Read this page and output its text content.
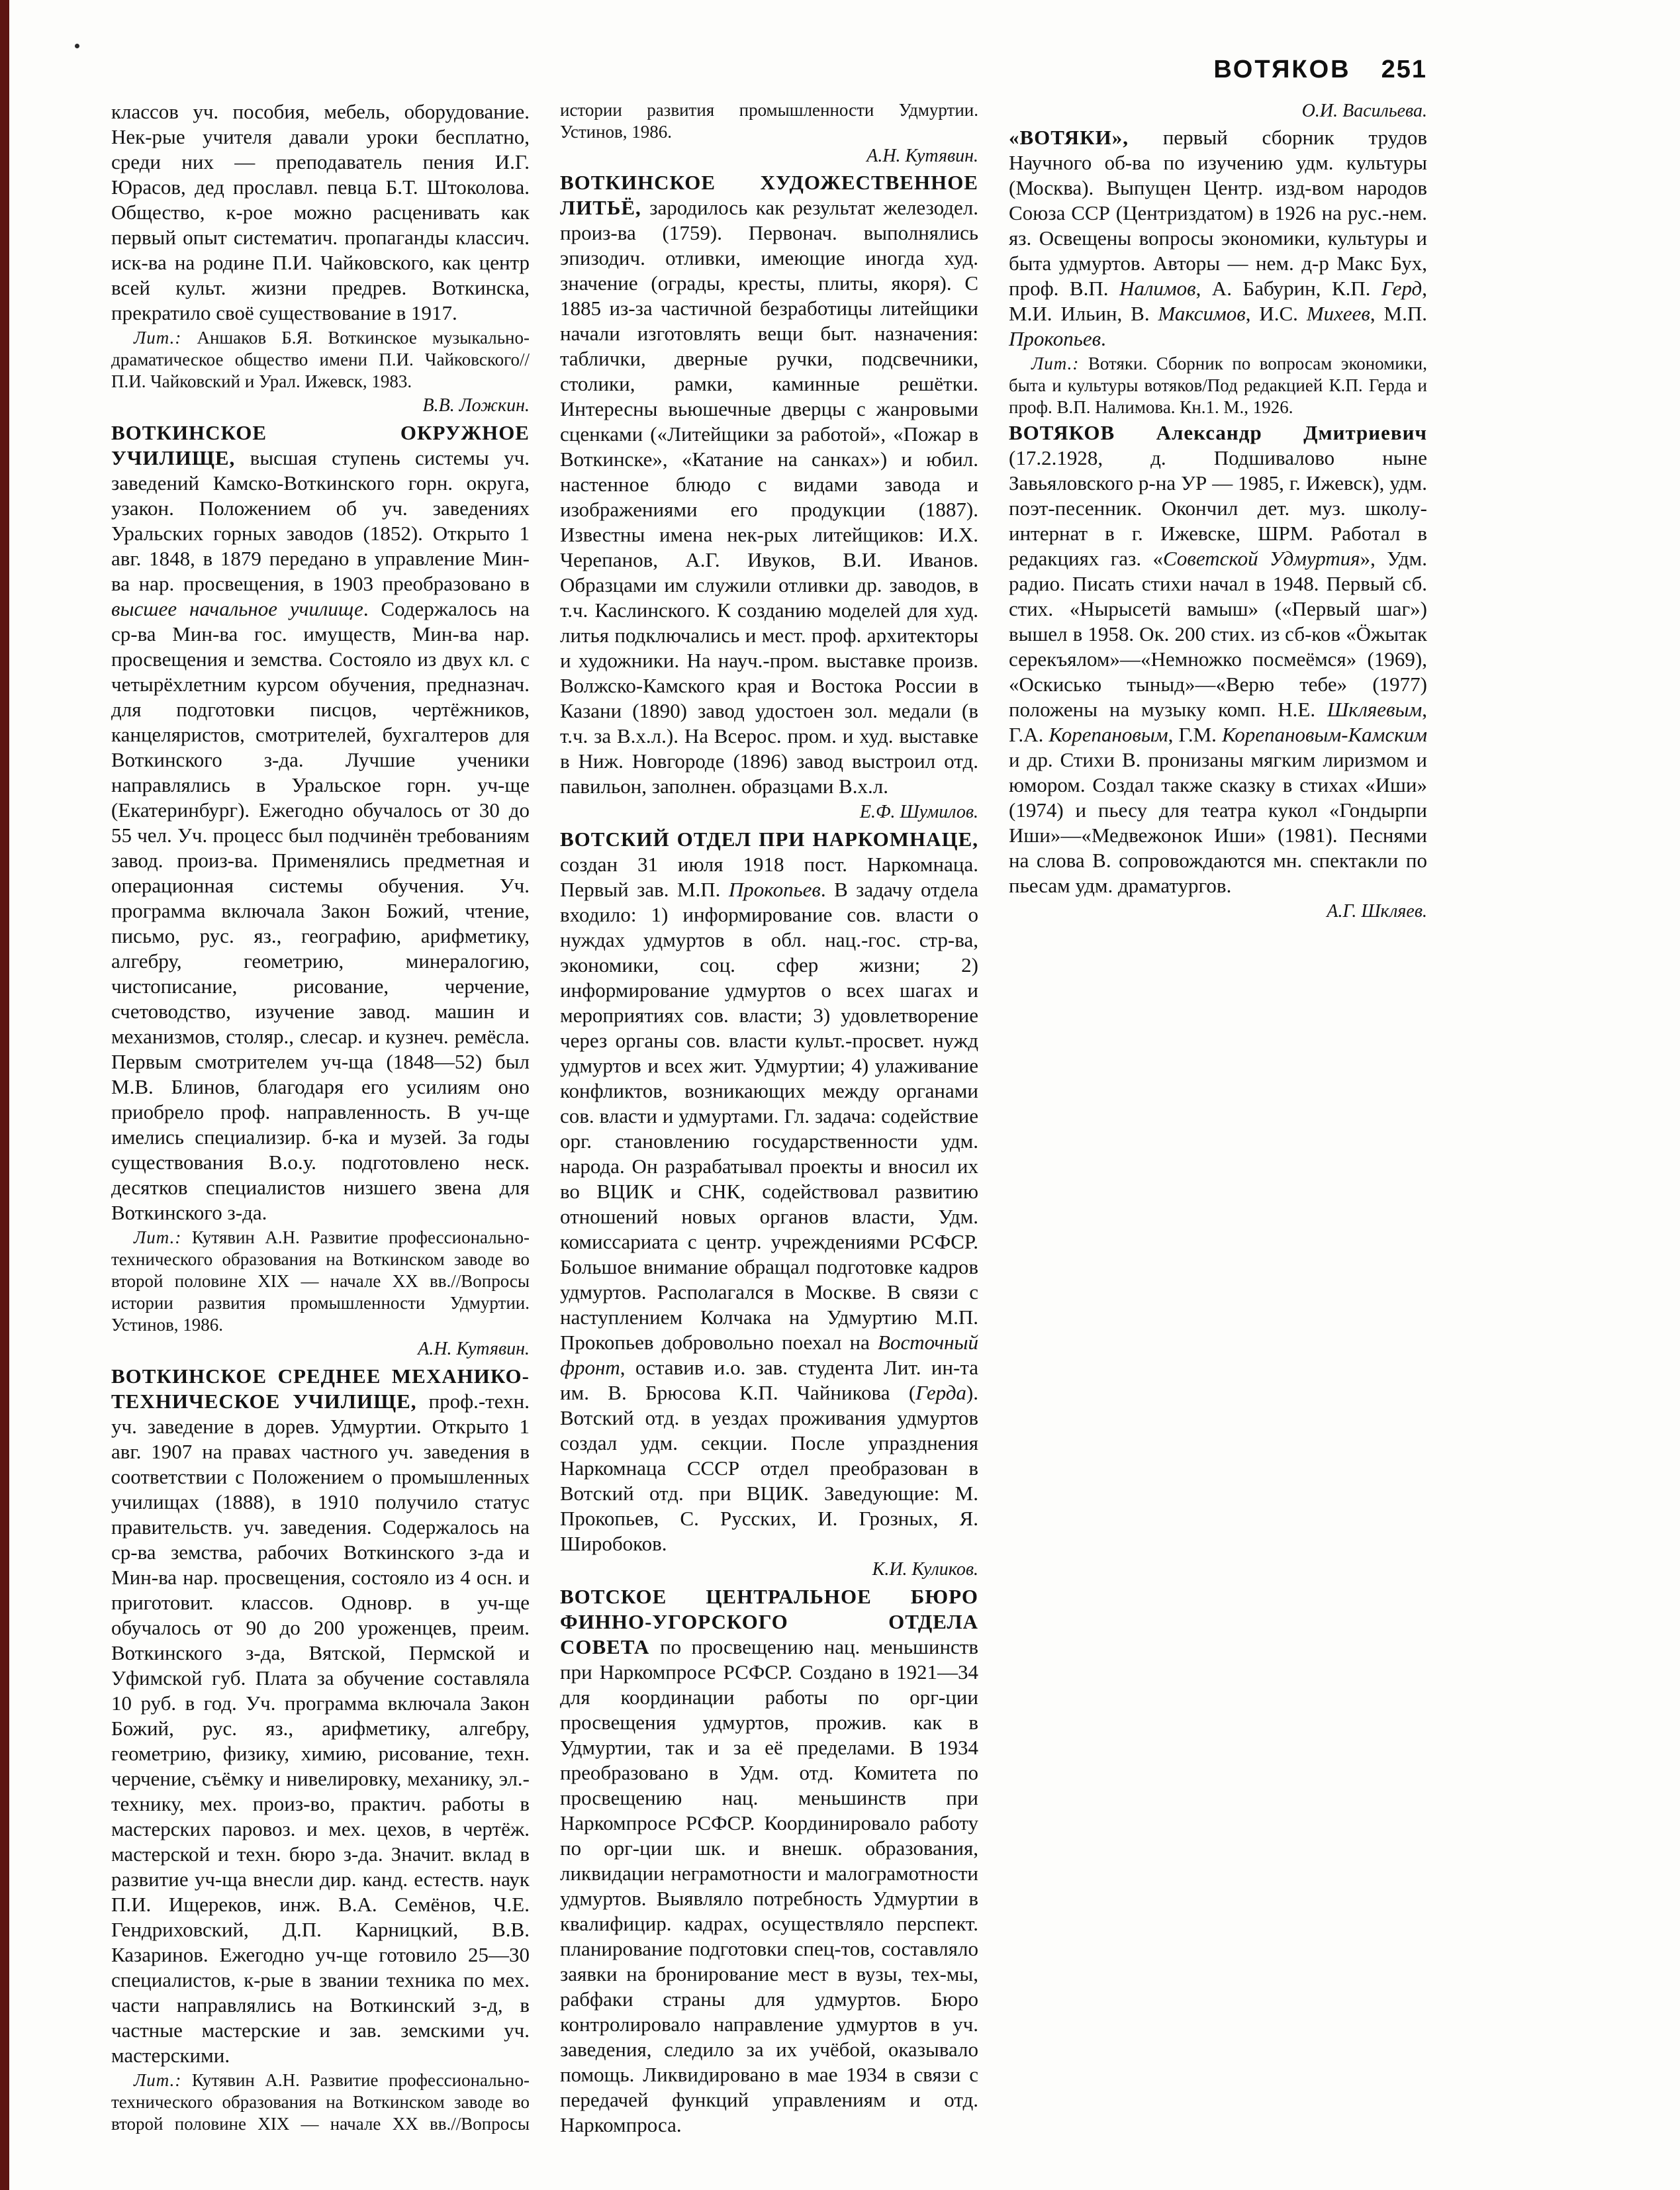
ВОТЯКОВ 251

классов уч. пособия, мебель, оборудование. Нек-рые учителя давали уроки бесплатно, среди них — преподаватель пения И.Г. Юрасов, дед прославл. певца Б.Т. Штоколова. Общество, к-рое можно расценивать как первый опыт систематич. пропаганды классич. иск-ва на родине П.И. Чайковского, как центр всей культ. жизни предрев. Воткинска, прекратило своё существование в 1917.

Лит.: Аншаков Б.Я. Воткинское музыкально-драматическое общество имени П.И. Чайковского// П.И. Чайковский и Урал. Ижевск, 1983.

В.В. Ложкин.

ВОТКИНСКОЕ ОКРУЖНОЕ УЧИЛИЩЕ, высшая ступень системы уч. заведений Камско-Воткинского горн. округа, узакон. Положением об уч. заведениях Уральских горных заводов (1852). Открыто 1 авг. 1848, в 1879 передано в управление Мин-ва нар. просвещения, в 1903 преобразовано в высшее начальное училище. Содержалось на ср-ва Мин-ва гос. имуществ, Мин-ва нар. просвещения и земства. Состояло из двух кл. с четырёхлетним курсом обучения, предназнач. для подготовки писцов, чертёжников, канцеляристов, смотрителей, бухгалтеров для Воткинского з-да. Лучшие ученики направлялись в Уральское горн. уч-ще (Екатеринбург). Ежегодно обучалось от 30 до 55 чел. Уч. процесс был подчинён требованиям завод. произ-ва. Применялись предметная и операционная системы обучения. Уч. программа включала Закон Божий, чтение, письмо, рус. яз., географию, арифметику, алгебру, геометрию, минералогию, чистописание, рисование, черчение, счетоводство, изучение завод. машин и механизмов, столяр., слесар. и кузнеч. ремёсла. Первым смотрителем уч-ща (1848—52) был М.В. Блинов, благодаря его усилиям оно приобрело проф. направленность. В уч-ще имелись специализир. б-ка и музей. За годы существования В.о.у. подготовлено неск. десятков специалистов низшего звена для Воткинского з-да.

Лит.: Кутявин А.Н. Развитие профессионально-технического образования на Воткинском заводе во второй половине XIX — начале XX вв.//Вопросы истории развития промышленности Удмуртии. Устинов, 1986.

А.Н. Кутявин.

ВОТКИНСКОЕ СРЕДНЕЕ МЕХАНИКО-ТЕХНИЧЕСКОЕ УЧИЛИЩЕ, проф.-техн. уч. заведение в дорев. Удмуртии. Открыто 1 авг. 1907 на правах частного уч. заведения в соответствии с Положением о промышленных училищах (1888), в 1910 получило статус правительств. уч. заведения. Содержалось на ср-ва земства, рабочих Воткинского з-да и Мин-ва нар. просвещения, состояло из 4 осн. и приготовит. классов. Одновр. в уч-ще обучалось от 90 до 200 уроженцев, преим. Воткинского з-да, Вятской, Пермской и Уфимской губ. Плата за обучение составляла 10 руб. в год. Уч. программа включала Закон Божий, рус. яз., арифметику, алгебру, геометрию, физику, химию, рисование, техн. черчение, съёмку и нивелировку, механику, эл.-технику, мех. произ-во, практич. работы в мастерских паровоз. и мех. цехов, в чертёж. мастерской и техн. бюро з-да. Значит. вклад в развитие уч-ща внесли дир. канд. естеств. наук П.И. Ищереков, инж. В.А. Семёнов, Ч.Е. Гендриховский, Д.П. Карницкий, В.В. Казаринов. Ежегодно уч-ще готовило 25—30 специалистов, к-рые в звании техника по мех. части направлялись на Воткинский з-д, в частные мастерские и зав. земскими уч. мастерскими.

Лит.: Кутявин А.Н. Развитие профессионально-технического образования на Воткинском заводе во второй половине XIX — начале XX вв.//Вопросы истории развития промышленности Удмуртии. Устинов, 1986.

А.Н. Кутявин.

ВОТКИНСКОЕ ХУДОЖЕСТВЕННОЕ ЛИТЬЁ, зародилось как результат железодел. произ-ва (1759). Первонач. выполнялись эпизодич. отливки, имеющие иногда худ. значение (ограды, кресты, плиты, якоря). С 1885 из-за частичной безработицы литейщики начали изготовлять вещи быт. назначения: таблички, дверные ручки, подсвечники, столики, рамки, каминные решётки. Интересны вьюшечные дверцы с жанровыми сценками («Литейщики за работой», «Пожар в Воткинске», «Катание на санках») и юбил. настенное блюдо с видами завода и изображениями его продукции (1887). Известны имена нек-рых литейщиков: И.Х. Черепанов, А.Г. Ивуков, В.И. Иванов. Образцами им служили отливки др. заводов, в т.ч. Каслинского. К созданию моделей для худ. литья подключались и мест. проф. архитекторы и художники. На науч.-пром. выставке произв. Волжско-Камского края и Востока России в Казани (1890) завод удостоен зол. медали (в т.ч. за В.х.л.). На Всерос. пром. и худ. выставке в Ниж. Новгороде (1896) завод выстроил отд. павильон, заполнен. образцами В.х.л.

Е.Ф. Шумилов.

ВОТСКИЙ ОТДЕЛ ПРИ НАРКОМНАЦЕ, создан 31 июля 1918 пост. Наркомнаца. Первый зав. М.П. Прокопьев. В задачу отдела входило: 1) информирование сов. власти о нуждах удмуртов в обл. нац.-гос. стр-ва, экономики, соц. сфер жизни; 2) информирование удмуртов о всех шагах и мероприятиях сов. власти; 3) удовлетворение через органы сов. власти культ.-просвет. нужд удмуртов и всех жит. Удмуртии; 4) улаживание конфликтов, возникающих между органами сов. власти и удмуртами. Гл. задача: содействие орг. становлению государственности удм. народа. Он разрабатывал проекты и вносил их во ВЦИК и СНК, содействовал развитию отношений новых органов власти, Удм. комиссариата с центр. учреждениями РСФСР. Большое внимание обращал подготовке кадров удмуртов. Располагался в Москве. В связи с наступлением Колчака на Удмуртию М.П. Прокопьев добровольно поехал на Восточный фронт, оставив и.о. зав. студента Лит. ин-та им. В. Брюсова К.П. Чайникова (Герда). Вотский отд. в уездах проживания удмуртов создал удм. секции. После упразднения Наркомнаца СССР отдел преобразован в Вотский отд. при ВЦИК. Заведующие: М. Прокопьев, С. Русских, И. Грозных, Я. Широбоков.

К.И. Куликов.

ВОТСКОЕ ЦЕНТРАЛЬНОЕ БЮРО ФИННО-УГОРСКОГО ОТДЕЛА СОВЕТА по просвещению нац. меньшинств при Наркомпросе РСФСР. Создано в 1921—34 для координации работы по орг-ции просвещения удмуртов, прожив. как в Удмуртии, так и за её пределами. В 1934 преобразовано в Удм. отд. Комитета по просвещению нац. меньшинств при Наркомпросе РСФСР. Координировало работу по орг-ции шк. и внешк. образования, ликвидации неграмотности и малограмотности удмуртов. Выявляло потребность Удмуртии в квалифицир. кадрах, осуществляло перспект. планирование подготовки спец-тов, составляло заявки на бронирование мест в вузы, тех-мы, рабфаки страны для удмуртов. Бюро контролировало направление удмуртов в уч. заведения, следило за их учёбой, оказывало помощь. Ликвидировано в мае 1934 в связи с передачей функций управлениям и отд. Наркомпроса.

О.И. Васильева.

«ВОТЯКИ», первый сборник трудов Научного об-ва по изучению удм. культуры (Москва). Выпущен Центр. изд-вом народов Союза ССР (Центриздатом) в 1926 на рус.-нем. яз. Освещены вопросы экономики, культуры и быта удмуртов. Авторы — нем. д-р Макс Бух, проф. В.П. Налимов, А. Бабурин, К.П. Герд, М.И. Ильин, В. Максимов, И.С. Михеев, М.П. Прокопьев.

Лит.: Вотяки. Сборник по вопросам экономики, быта и культуры вотяков/Под редакцией К.П. Герда и проф. В.П. Налимова. Кн.1. М., 1926.

ВОТЯКОВ Александр Дмитриевич (17.2.1928, д. Подшивалово ныне Завьяловского р-на УР — 1985, г. Ижевск), удм. поэт-песенник. Окончил дет. муз. школу-интернат в г. Ижевске, ШРМ. Работал в редакциях газ. «Советской Удмуртия», Удм. радио. Писать стихи начал в 1948. Первый сб. стих. «Нырысетӥ вамыш» («Первый шаг») вышел в 1958. Ок. 200 стих. из сб-ков «Ӧжытак серекъялом»—«Немножко посмеёмся» (1969), «Оскисько тыныд»—«Верю тебе» (1977) положены на музыку комп. Н.Е. Шкляевым, Г.А. Корепановым, Г.М. Корепановым-Камским и др. Стихи В. пронизаны мягким лиризмом и юмором. Создал также сказку в стихах «Иши» (1974) и пьесу для театра кукол «Гондырпи Иши»—«Медвежонок Иши» (1981). Песнями на слова В. сопровождаются мн. спектакли по пьесам удм. драматургов.

А.Г. Шкляев.
